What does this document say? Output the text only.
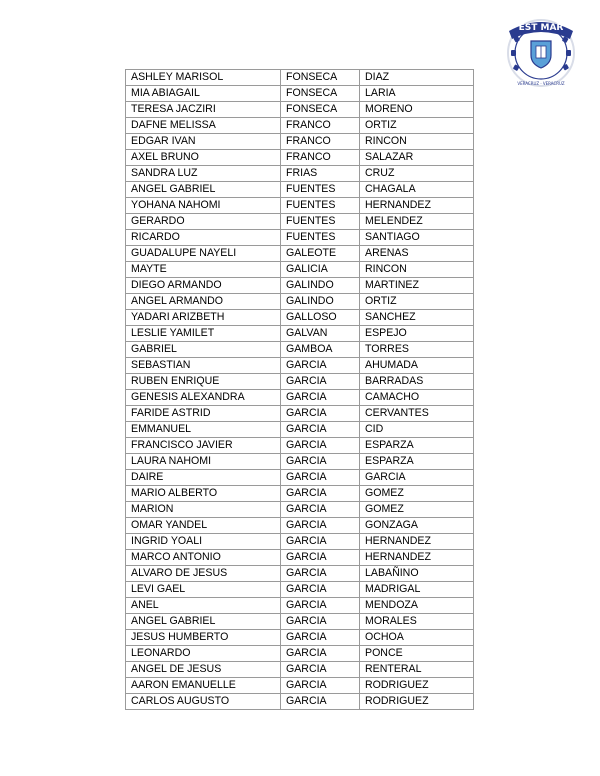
EST MAR
VERACRUZ · VERACRUZ
ASHLEY MARISOL	FONSECA	DIAZ
MIA ABIAGAIL	FONSECA	LARIA
TERESA JACZIRI	FONSECA	MORENO
DAFNE MELISSA	FRANCO	ORTIZ
EDGAR IVAN	FRANCO	RINCON
AXEL BRUNO	FRANCO	SALAZAR
SANDRA LUZ	FRIAS	CRUZ
ANGEL GABRIEL	FUENTES	CHAGALA
YOHANA NAHOMI	FUENTES	HERNANDEZ
GERARDO	FUENTES	MELENDEZ
RICARDO	FUENTES	SANTIAGO
GUADALUPE NAYELI	GALEOTE	ARENAS
MAYTE	GALICIA	RINCON
DIEGO ARMANDO	GALINDO	MARTINEZ
ANGEL ARMANDO	GALINDO	ORTIZ
YADARI ARIZBETH	GALLOSO	SANCHEZ
LESLIE YAMILET	GALVAN	ESPEJO
GABRIEL	GAMBOA	TORRES
SEBASTIAN	GARCIA	AHUMADA
RUBEN ENRIQUE	GARCIA	BARRADAS
GENESIS ALEXANDRA	GARCIA	CAMACHO
FARIDE ASTRID	GARCIA	CERVANTES
EMMANUEL	GARCIA	CID
FRANCISCO JAVIER	GARCIA	ESPARZA
LAURA NAHOMI	GARCIA	ESPARZA
DAIRE	GARCIA	GARCIA
MARIO ALBERTO	GARCIA	GOMEZ
MARION	GARCIA	GOMEZ
OMAR YANDEL	GARCIA	GONZAGA
INGRID YOALI	GARCIA	HERNANDEZ
MARCO ANTONIO	GARCIA	HERNANDEZ
ALVARO DE JESUS	GARCIA	LABAÑINO
LEVI GAEL	GARCIA	MADRIGAL
ANEL	GARCIA	MENDOZA
ANGEL GABRIEL	GARCIA	MORALES
JESUS HUMBERTO	GARCIA	OCHOA
LEONARDO	GARCIA	PONCE
ANGEL DE JESUS	GARCIA	RENTERAL
AARON EMANUELLE	GARCIA	RODRIGUEZ
CARLOS AUGUSTO	GARCIA	RODRIGUEZ
